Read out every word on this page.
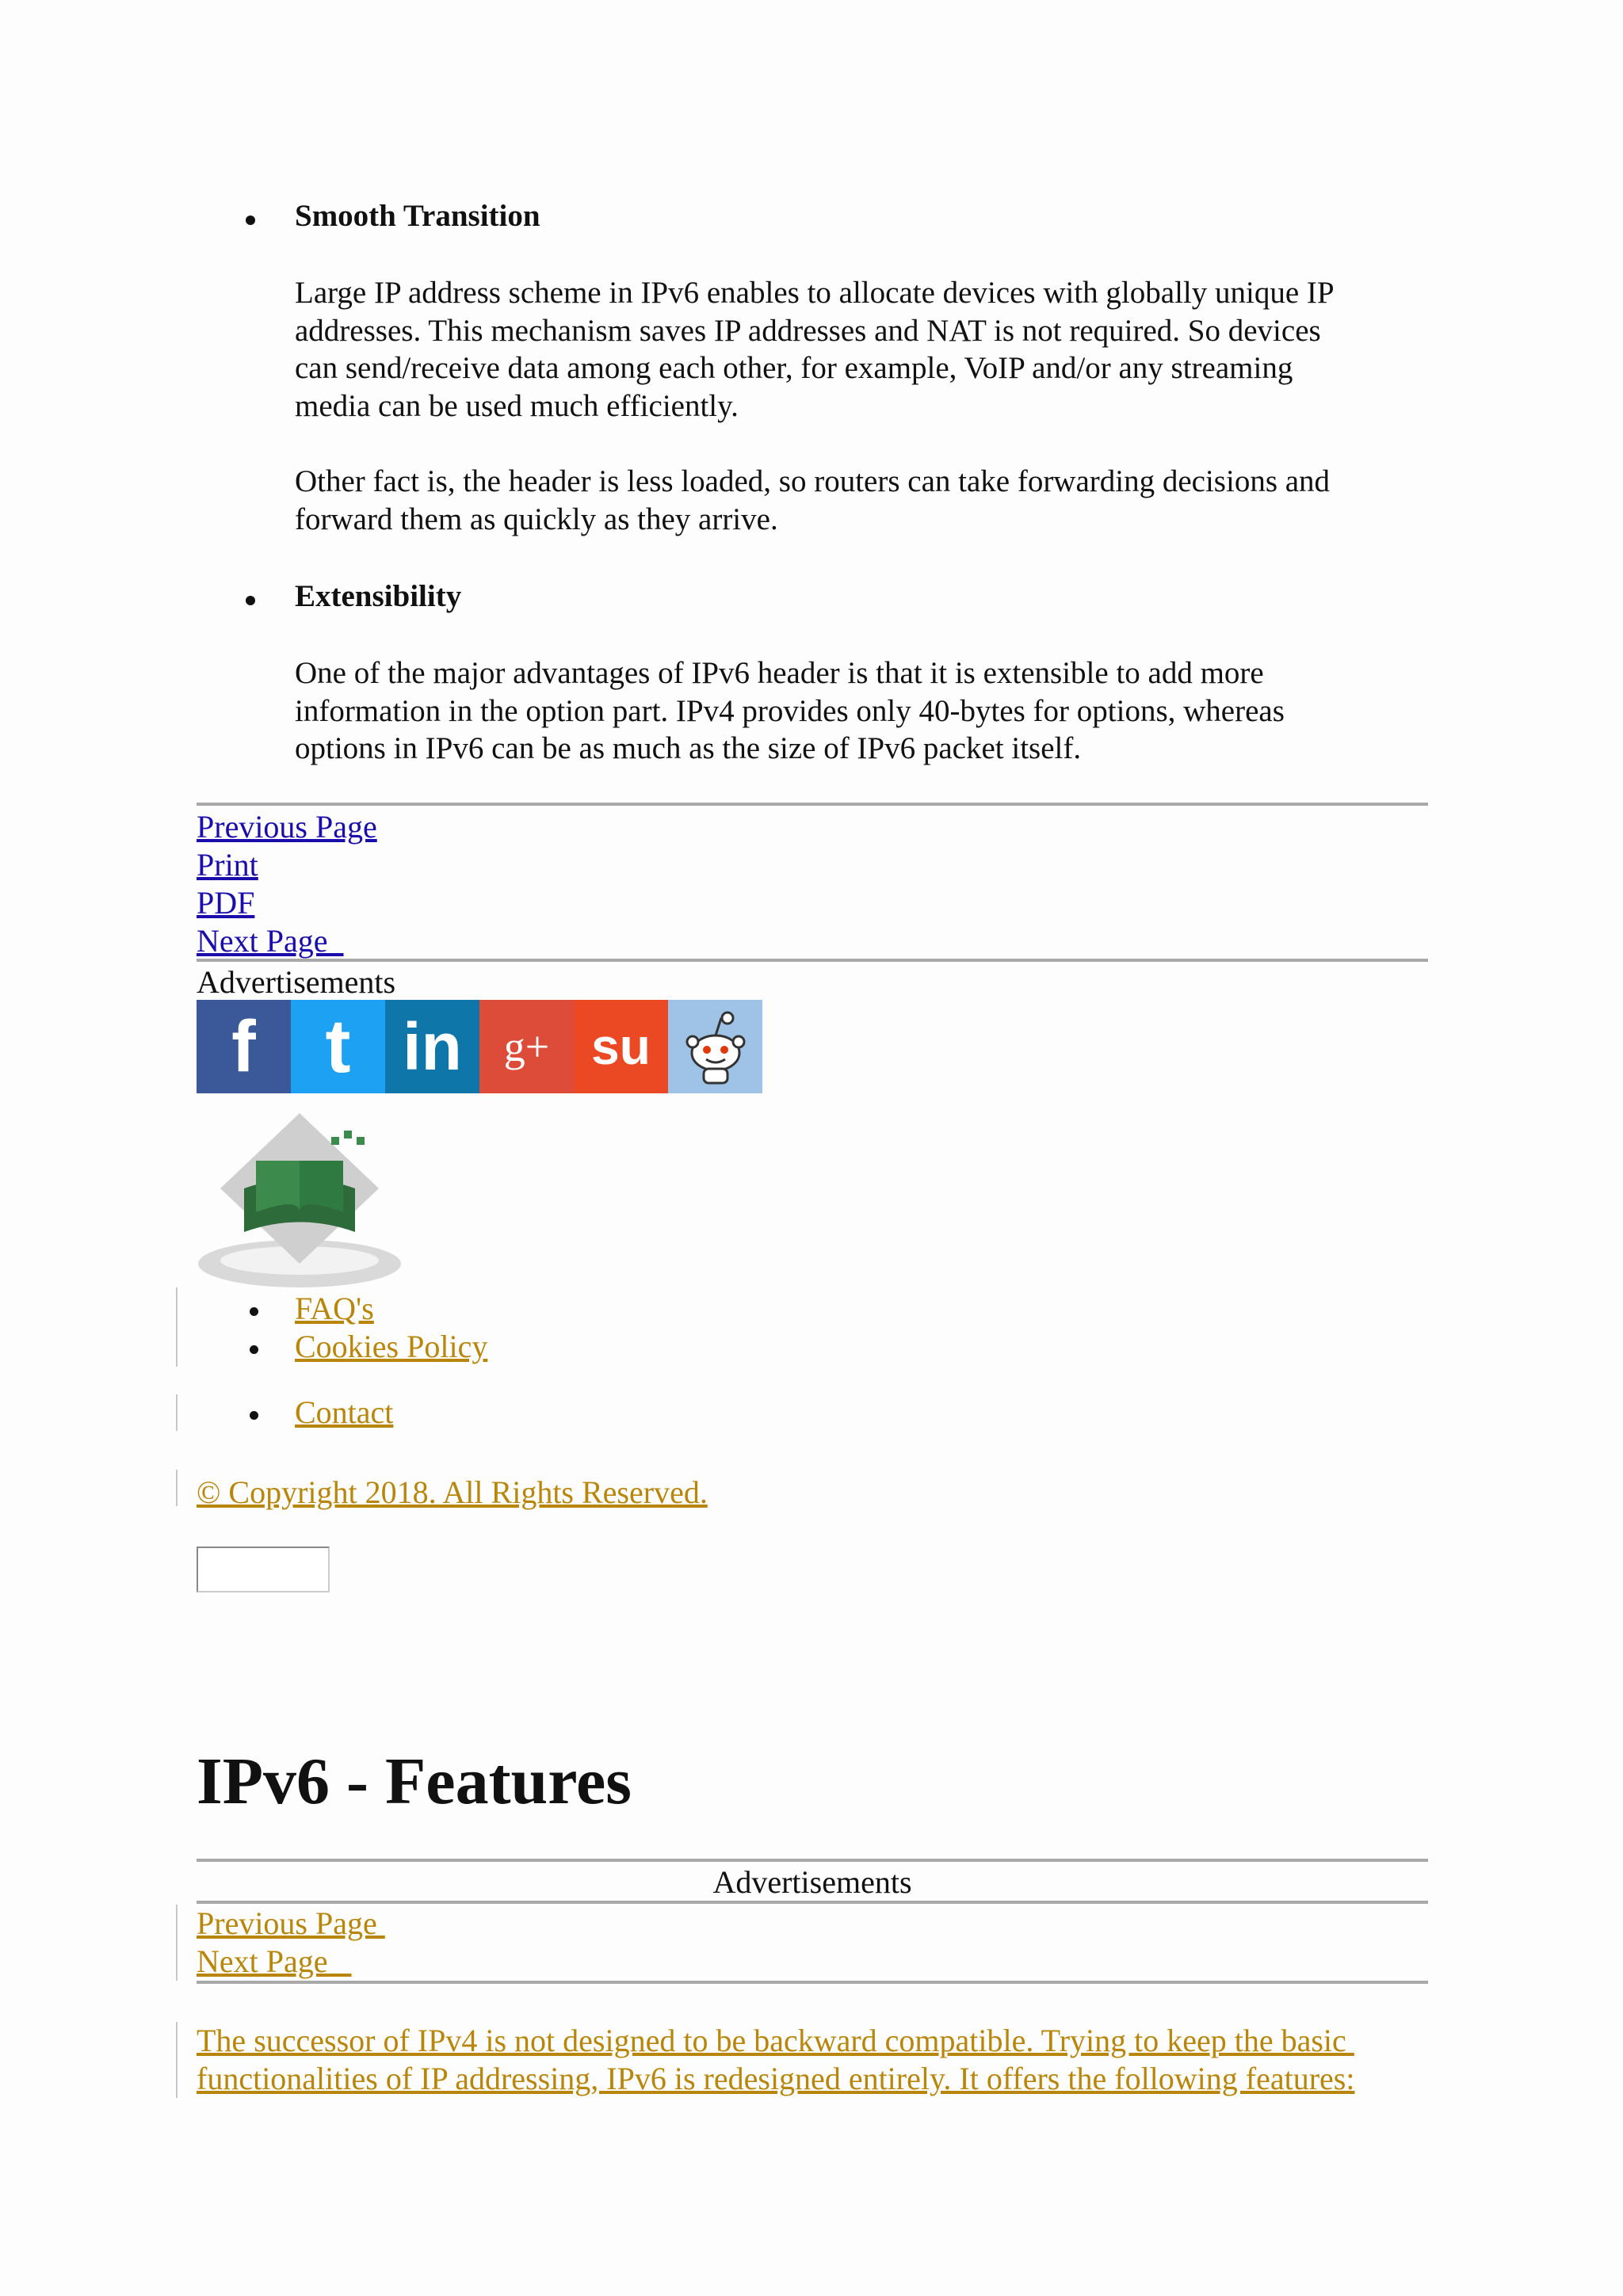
Smooth Transition
Large IP address scheme in IPv6 enables to allocate devices with globally unique IP
addresses. This mechanism saves IP addresses and NAT is not required. So devices
can send/receive data among each other, for example, VoIP and/or any streaming
media can be used much efficiently.
Other fact is, the header is less loaded, so routers can take forwarding decisions and
forward them as quickly as they arrive.
Extensibility
One of the major advantages of IPv6 header is that it is extensible to add more
information in the option part. IPv4 provides only 40-bytes for options, whereas
options in IPv6 can be as much as the size of IPv6 packet itself.
Previous Page
Print
PDF
Next Page
Advertisements
f t in g+ su
FAQ's
Cookies Policy
Contact
© Copyright 2018. All Rights Reserved.
IPv6 - Features
Advertisements
Previous Page
Next Page
The successor of IPv4 is not designed to be backward compatible. Trying to keep the basic
functionalities of IP addressing, IPv6 is redesigned entirely. It offers the following features:
